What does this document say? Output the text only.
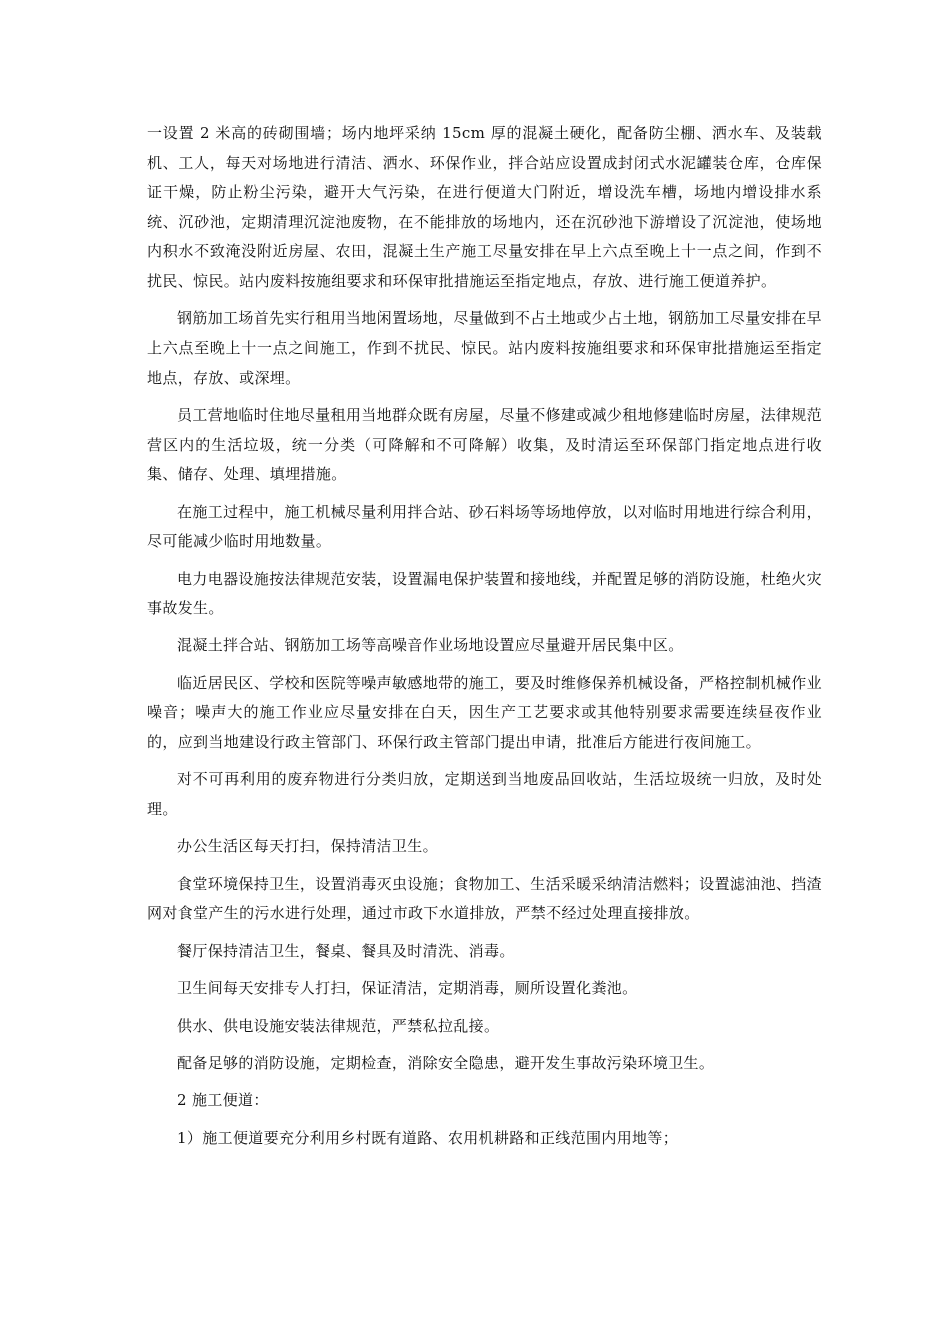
一设置 2 米高的砖砌围墙；场内地坪采纳 15cm 厚的混凝土硬化，配备防尘棚、洒水车、及装载机、工人，每天对场地进行清洁、洒水、环保作业，拌合站应设置成封闭式水泥罐装仓库，仓库保证干燥，防止粉尘污染，避开大气污染，在进行便道大门附近，增设洗车槽，场地内增设排水系统、沉砂池，定期清理沉淀池废物，在不能排放的场地内，还在沉砂池下游增设了沉淀池，使场地内积水不致淹没附近房屋、农田，混凝土生产施工尽量安排在早上六点至晚上十一点之间，作到不扰民、惊民。站内废料按施组要求和环保审批措施运至指定地点，存放、进行施工便道养护。

钢筋加工场首先实行租用当地闲置场地，尽量做到不占土地或少占土地，钢筋加工尽量安排在早上六点至晚上十一点之间施工，作到不扰民、惊民。站内废料按施组要求和环保审批措施运至指定地点，存放、或深埋。

员工营地临时住地尽量租用当地群众既有房屋，尽量不修建或减少租地修建临时房屋，法律规范营区内的生活垃圾，统一分类（可降解和不可降解）收集，及时清运至环保部门指定地点进行收集、储存、处理、填埋措施。

在施工过程中，施工机械尽量利用拌合站、砂石料场等场地停放，以对临时用地进行综合利用，尽可能减少临时用地数量。

电力电器设施按法律规范安装，设置漏电保护装置和接地线，并配置足够的消防设施，杜绝火灾事故发生。

混凝土拌合站、钢筋加工场等高噪音作业场地设置应尽量避开居民集中区。

临近居民区、学校和医院等噪声敏感地带的施工，要及时维修保养机械设备，严格控制机械作业噪音；噪声大的施工作业应尽量安排在白天，因生产工艺要求或其他特别要求需要连续昼夜作业的，应到当地建设行政主管部门、环保行政主管部门提出申请，批准后方能进行夜间施工。

对不可再利用的废弃物进行分类归放，定期送到当地废品回收站，生活垃圾统一归放，及时处理。

办公生活区每天打扫，保持清洁卫生。

食堂环境保持卫生，设置消毒灭虫设施；食物加工、生活采暖采纳清洁燃料；设置滤油池、挡渣网对食堂产生的污水进行处理，通过市政下水道排放，严禁不经过处理直接排放。

餐厅保持清洁卫生，餐桌、餐具及时清洗、消毒。

卫生间每天安排专人打扫，保证清洁，定期消毒，厕所设置化粪池。

供水、供电设施安装法律规范，严禁私拉乱接。

配备足够的消防设施，定期检查，消除安全隐患，避开发生事故污染环境卫生。

2 施工便道：

1）施工便道要充分利用乡村既有道路、农用机耕路和正线范围内用地等；
